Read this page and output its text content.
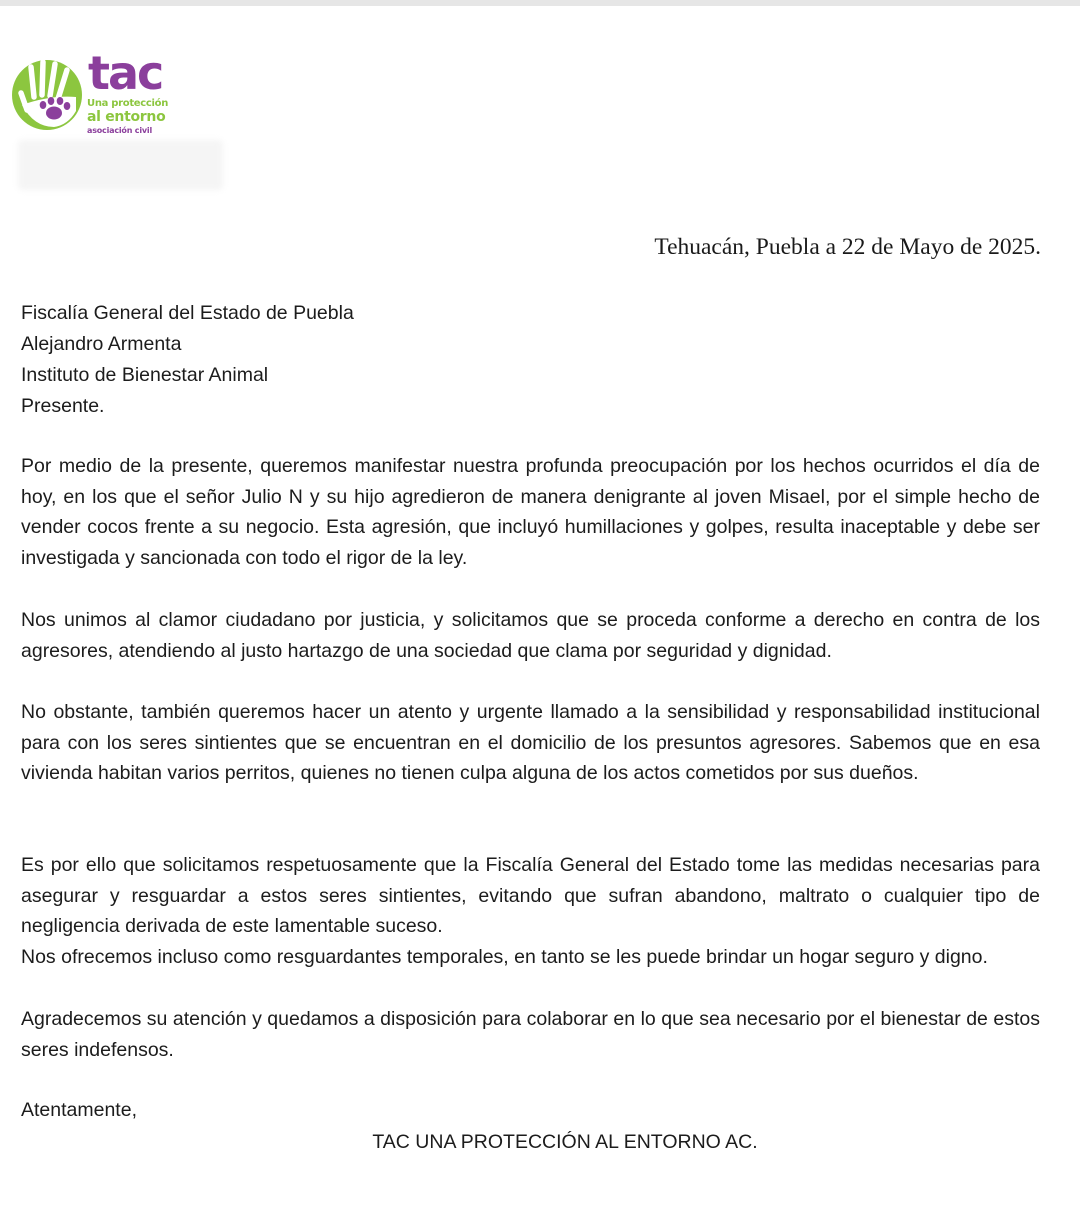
tac
Una protección
al entorno
asociación civil
Tehuacán, Puebla a 22 de Mayo de 2025.
Fiscalía General del Estado de Puebla
Alejandro Armenta
Instituto de Bienestar Animal
Presente.

Por medio de la presente, queremos manifestar nuestra profunda preocupación por los hechos ocurridos el día de hoy, en los que el señor Julio N y su hijo agredieron de manera denigrante al joven Misael, por el simple hecho de vender cocos frente a su negocio. Esta agresión, que incluyó humillaciones y golpes, resulta inaceptable y debe ser investigada y sancionada con todo el rigor de la ley.

Nos unimos al clamor ciudadano por justicia, y solicitamos que se proceda conforme a derecho en contra de los agresores, atendiendo al justo hartazgo de una sociedad que clama por seguridad y dignidad.

No obstante, también queremos hacer un atento y urgente llamado a la sensibilidad y responsabilidad institucional para con los seres sintientes que se encuentran en el domicilio de los presuntos agresores. Sabemos que en esa vivienda habitan varios perritos, quienes no tienen culpa alguna de los actos cometidos por sus dueños.

Es por ello que solicitamos respetuosamente que la Fiscalía General del Estado tome las medidas necesarias para asegurar y resguardar a estos seres sintientes, evitando que sufran abandono, maltrato o cualquier tipo de negligencia derivada de este lamentable suceso.

Nos ofrecemos incluso como resguardantes temporales, en tanto se les puede brindar un hogar seguro y digno.

Agradecemos su atención y quedamos a disposición para colaborar en lo que sea necesario por el bienestar de estos seres indefensos.

Atentamente,
TAC UNA PROTECCIÓN AL ENTORNO AC.
